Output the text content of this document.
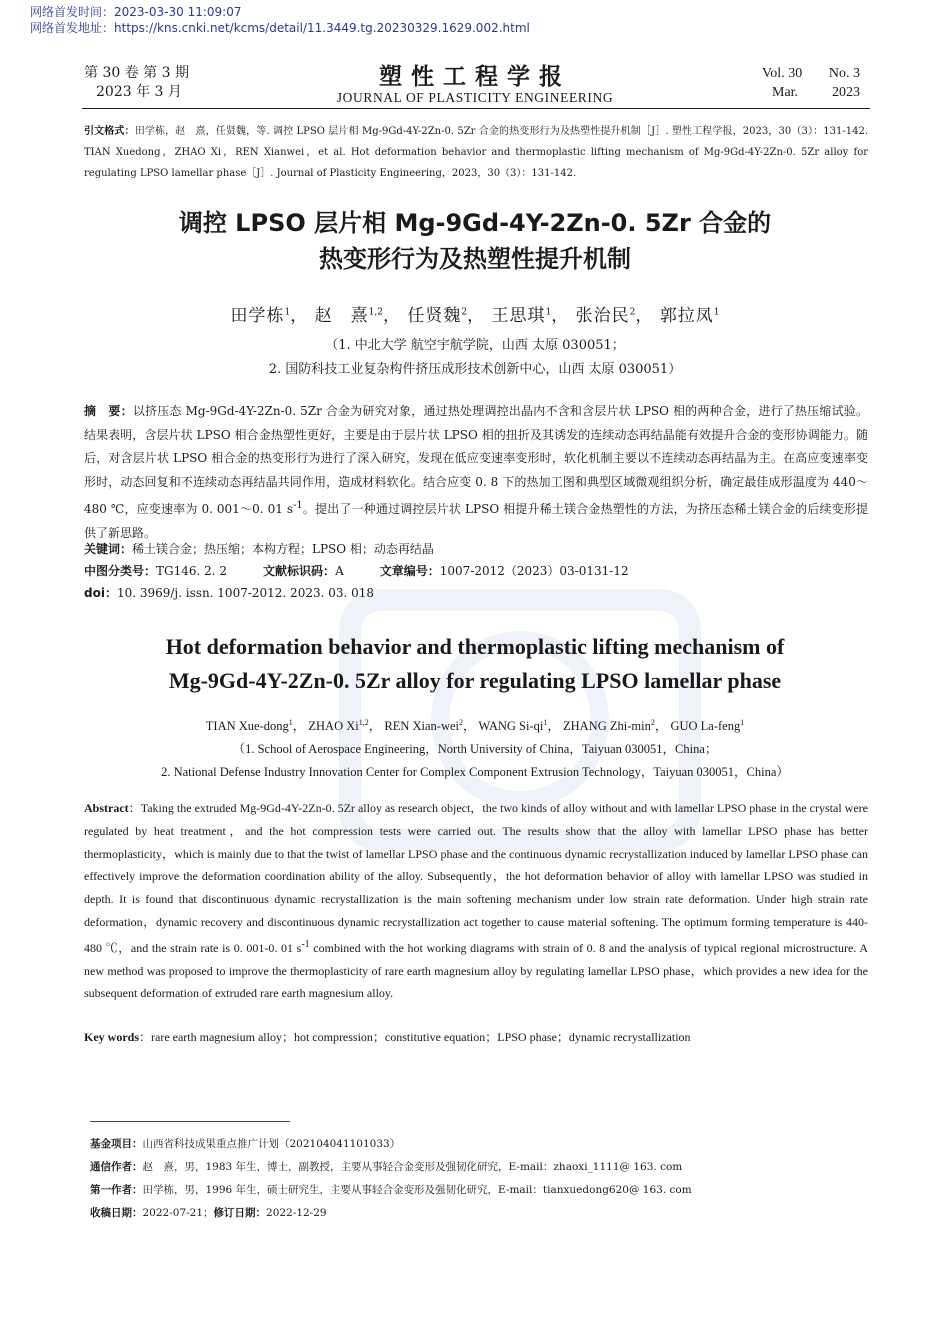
网络首发时间：2023-03-30 11:09:07
网络首发地址：https://kns.cnki.net/kcms/detail/11.3449.tg.20230329.1629.002.html
第 30 卷 第 3 期
2023 年 3 月
塑性工程学报
JOURNAL OF PLASTICITY ENGINEERING
Vol. 30 No. 3
Mar. 2023
引文格式：田学栋，赵　熹，任贤魏，等. 调控 LPSO 层片相 Mg-9Gd-4Y-2Zn-0. 5Zr 合金的热变形行为及热塑性提升机制［J］. 塑性工程学报，2023，30（3）：131-142. TIAN Xuedong，ZHAO Xi，REN Xianwei，et al. Hot deformation behavior and thermoplastic lifting mechanism of Mg-9Gd-4Y-2Zn-0. 5Zr alloy for regulating LPSO lamellar phase［J］. Journal of Plasticity Engineering，2023，30（3）：131-142.
调控 LPSO 层片相 Mg-9Gd-4Y-2Zn-0. 5Zr 合金的
热变形行为及热塑性提升机制
田学栋$^1$， 赵　熹$^{1,2}$， 任贤魏$^2$， 王思琪$^1$， 张治民$^2$， 郭拉凤$^1$
（1. 中北大学 航空宇航学院，山西 太原 030051；
2. 国防科技工业复杂构件挤压成形技术创新中心，山西 太原 030051）
摘　要：以挤压态 Mg-9Gd-4Y-2Zn-0. 5Zr 合金为研究对象，通过热处理调控出晶内不含和含层片状 LPSO 相的两种合金，进行了热压缩试验。结果表明，含层片状 LPSO 相合金热塑性更好，主要是由于层片状 LPSO 相的扭折及其诱发的连续动态再结晶能有效提升合金的变形协调能力。随后，对含层片状 LPSO 相合金的热变形行为进行了深入研究，发现在低应变速率变形时，软化机制主要以不连续动态再结晶为主。在高应变速率变形时，动态回复和不连续动态再结晶共同作用，造成材料软化。结合应变 0. 8 下的热加工图和典型区域微观组织分析，确定最佳成形温度为 440～480 ℃，应变速率为 0. 001～0. 01 $s^{-1}$。提出了一种通过调控层片状 LPSO 相提升稀土镁合金热塑性的方法，为挤压态稀土镁合金的后续变形提供了新思路。
关键词：稀土镁合金；热压缩；本构方程；LPSO 相；动态再结晶
中图分类号：TG146. 2. 2	文献标识码：A	文章编号：1007-2012（2023）03-0131-12
doi：10. 3969/j. issn. 1007-2012. 2023. 03. 018
Hot deformation behavior and thermoplastic lifting mechanism of
Mg-9Gd-4Y-2Zn-0. 5Zr alloy for regulating LPSO lamellar phase
TIAN Xue-dong$^1$， ZHAO Xi$^{1,2}$， REN Xian-wei$^2$， WANG $Si-qi^1$， ZHANG Zhi-$\min^2$， GUO La-feng$^1$
（1. School of Aerospace Engineering，North University of China，Taiyuan 030051，China；
2. National Defense Industry Innovation Center for Complex Component Extrusion Technology，Taiyuan 030051，China）
Abstract：Taking the extruded Mg-9Gd-4Y-2Zn-0. 5Zr alloy as research object，the two kinds of alloy without and with lamellar LPSO phase in the crystal were regulated by heat treatment，and the hot compression tests were carried out. The results show that the alloy with lamellar LPSO phase has better thermoplasticity，which is mainly due to that the twist of lamellar LPSO phase and the continuous dynamic recrystallization induced by lamellar LPSO phase can effectively improve the deformation coordination ability of the alloy. Subsequently，the hot deformation behavior of alloy with lamellar LPSO was studied in depth. It is found that discontinuous dynamic recrystallization is the main softening mechanism under low strain rate deformation. Under high strain rate deformation，dynamic recovery and discontinuous dynamic recrystallization act together to cause material softening. The optimum forming temperature is 440-480 ℃，and the strain rate is 0. 001-0. 01 $s^{-1}$ combined with the hot working diagrams with strain of 0. 8 and the analysis of typical regional microstructure. A new method was proposed to improve the thermoplasticity of rare earth magnesium alloy by regulating lamellar LPSO phase，which provides a new idea for the subsequent deformation of extruded rare earth magnesium alloy.
Key words：rare earth magnesium alloy；hot compression；constitutive equation；LPSO phase；dynamic recrystallization
基金项目：山西省科技成果重点推广计划（202104041101033）
通信作者：赵　熹，男，1983 年生，博士，副教授，主要从事轻合金变形及强韧化研究，E-mail：zhaoxi_1111@ 163. com
第一作者：田学栋，男，1996 年生，硕士研究生，主要从事轻合金变形及强韧化研究，E-mail：tianxuedong620@ 163. com
收稿日期：2022-07-21；修订日期：2022-12-29
